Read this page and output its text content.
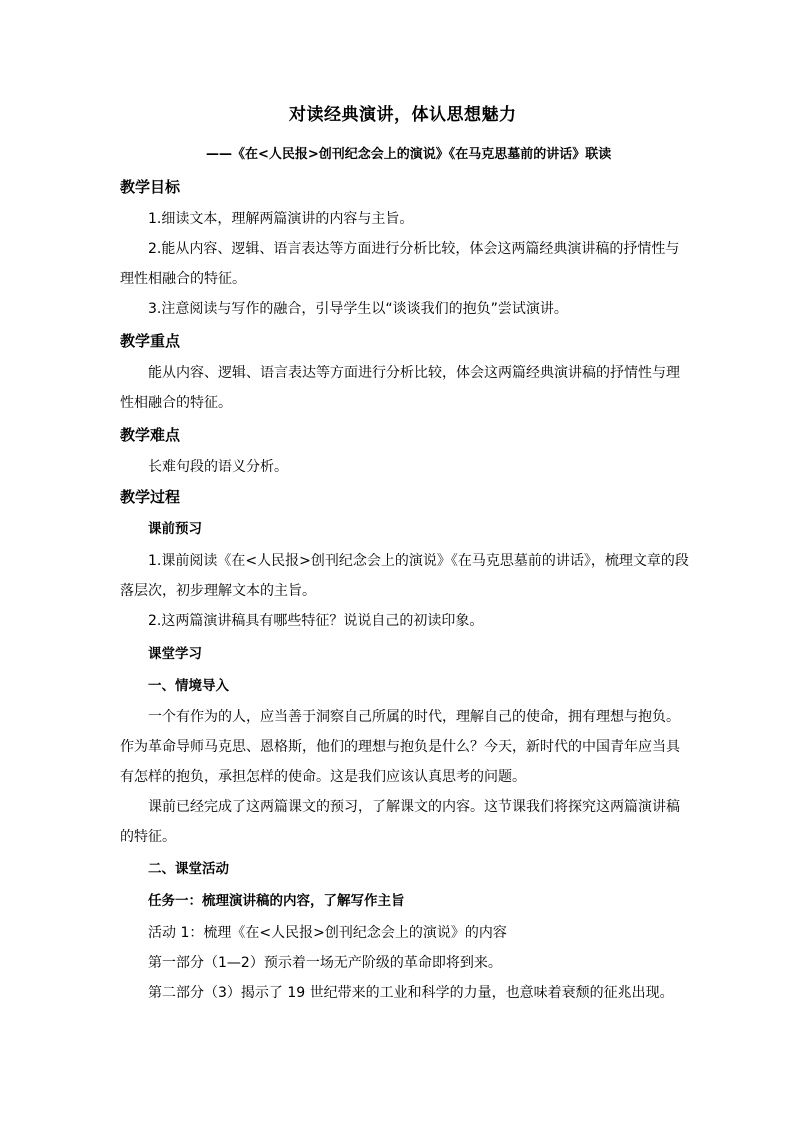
对读经典演讲，体认思想魅力
——《在<人民报>创刊纪念会上的演说》《在马克思墓前的讲话》联读
教学目标
1.细读文本，理解两篇演讲的内容与主旨。
2.能从内容、逻辑、语言表达等方面进行分析比较，体会这两篇经典演讲稿的抒情性与
理性相融合的特征。
3.注意阅读与写作的融合，引导学生以“谈谈我们的抱负”尝试演讲。
教学重点
能从内容、逻辑、语言表达等方面进行分析比较，体会这两篇经典演讲稿的抒情性与理
性相融合的特征。
教学难点
长难句段的语义分析。
教学过程
课前预习
1.课前阅读《在<人民报>创刊纪念会上的演说》《在马克思墓前的讲话》，梳理文章的段
落层次，初步理解文本的主旨。
2.这两篇演讲稿具有哪些特征？说说自己的初读印象。
课堂学习
一、情境导入
一个有作为的人，应当善于洞察自己所属的时代，理解自己的使命，拥有理想与抱负。
作为革命导师马克思、恩格斯，他们的理想与抱负是什么？今天，新时代的中国青年应当具
有怎样的抱负，承担怎样的使命。这是我们应该认真思考的问题。
课前已经完成了这两篇课文的预习，了解课文的内容。这节课我们将探究这两篇演讲稿
的特征。
二、课堂活动
任务一：梳理演讲稿的内容，了解写作主旨
活动 1：梳理《在<人民报>创刊纪念会上的演说》的内容
第一部分（1—2）预示着一场无产阶级的革命即将到来。
第二部分（3）揭示了 19 世纪带来的工业和科学的力量，也意味着衰颓的征兆出现。
